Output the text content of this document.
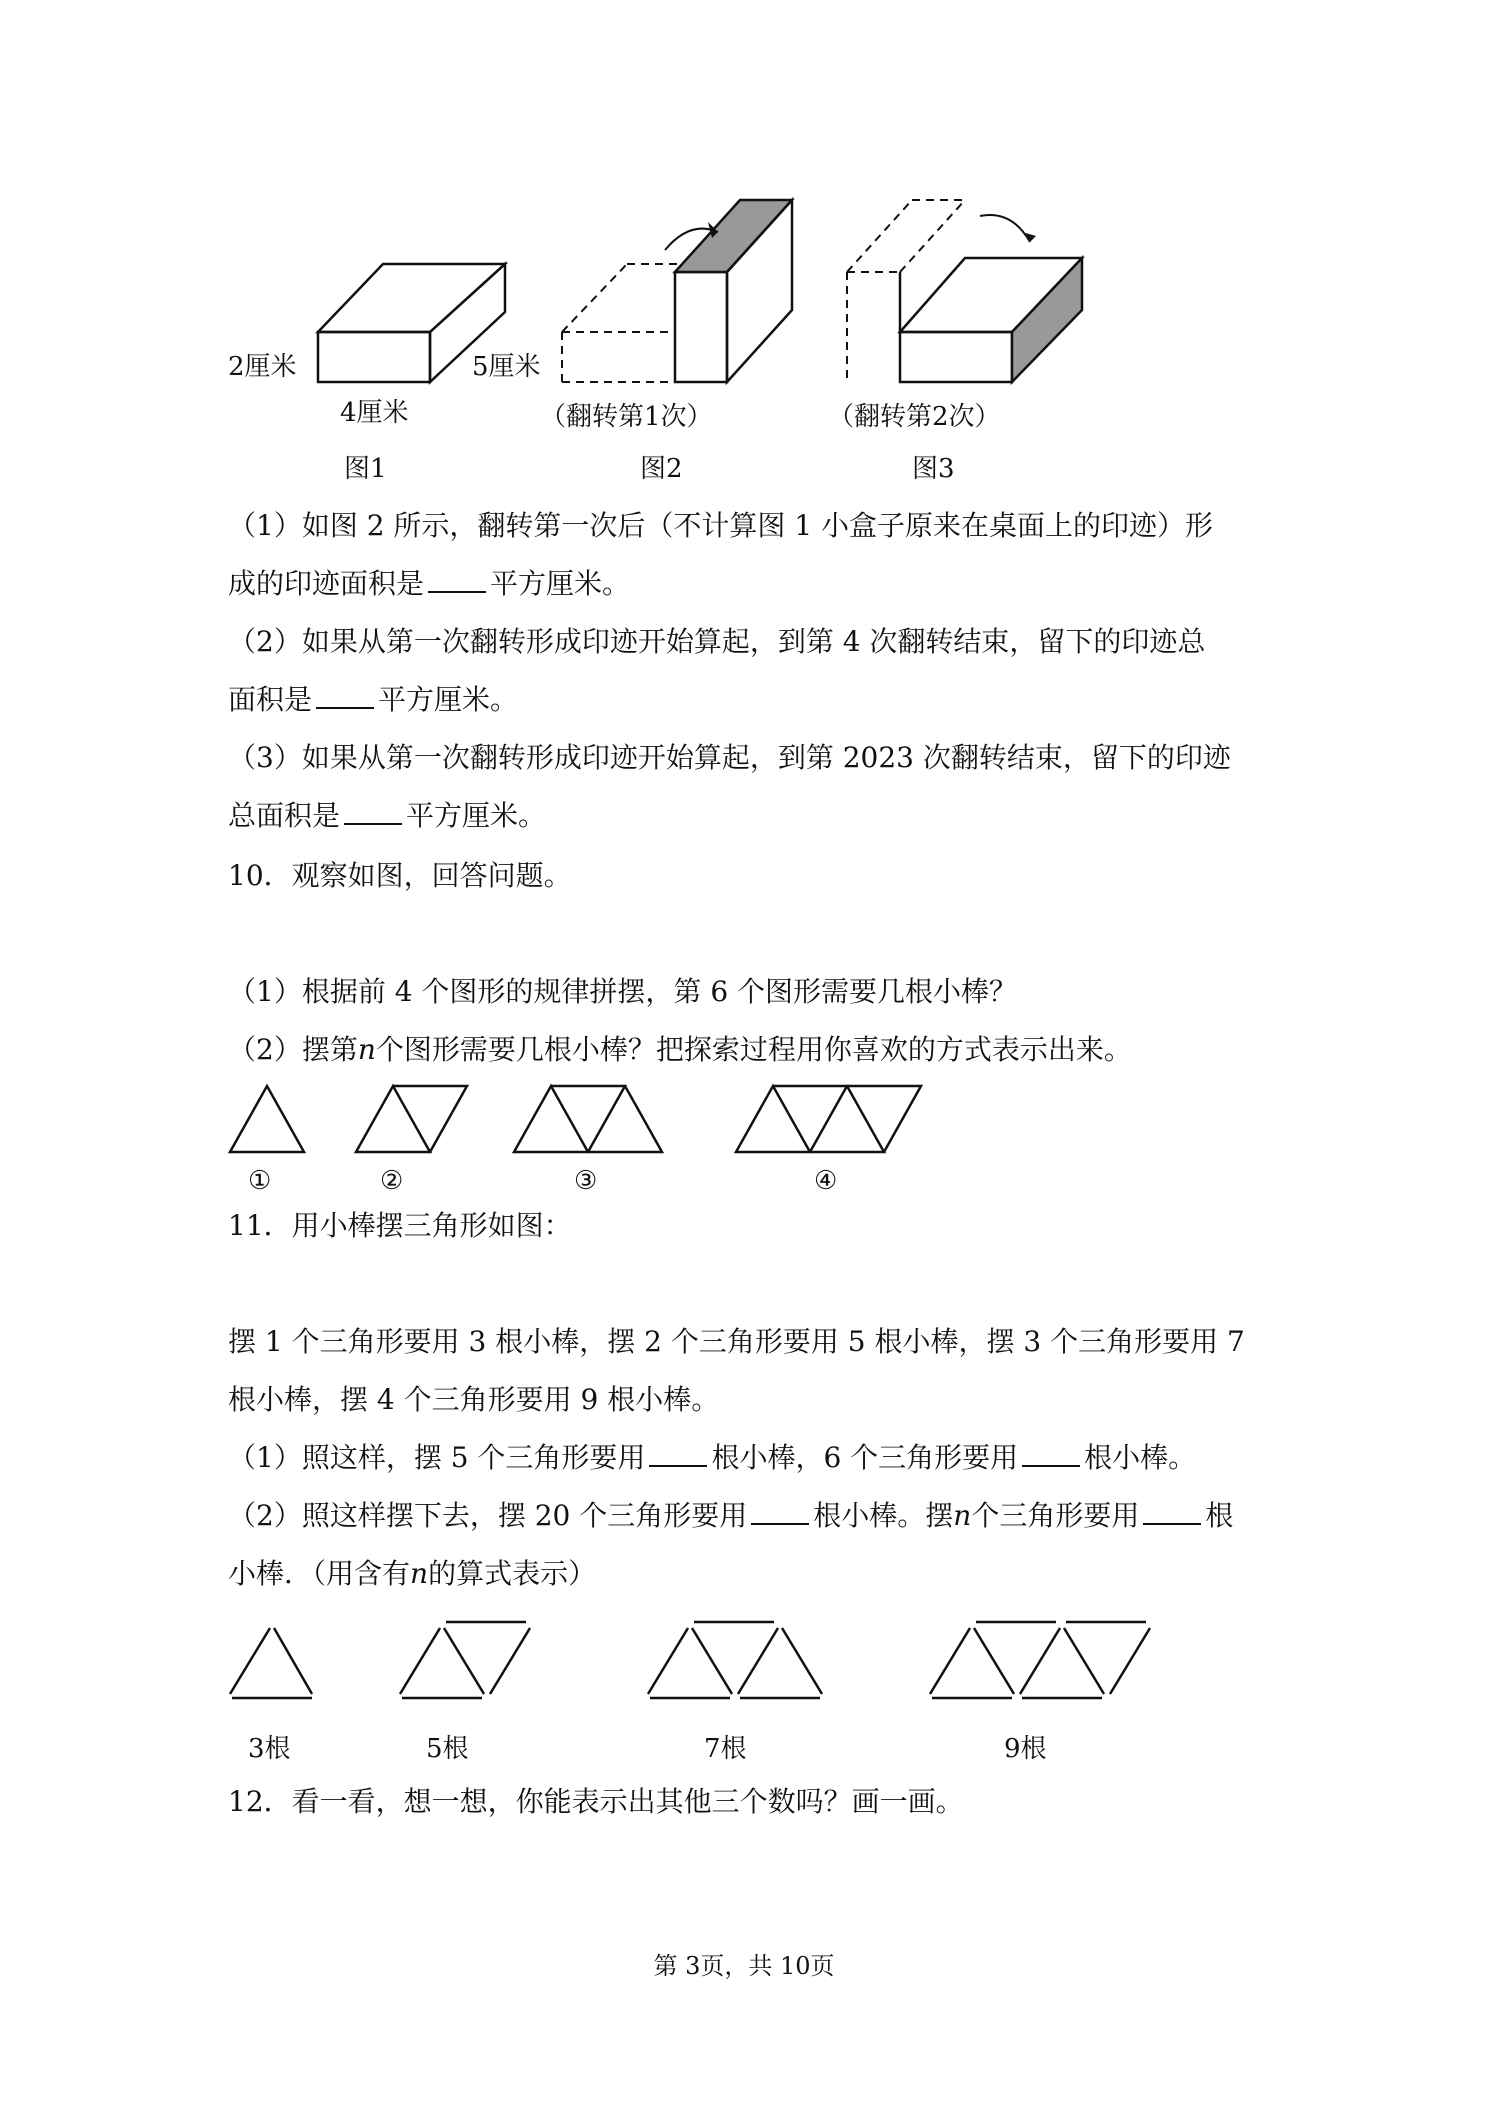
2厘米
4厘米
5厘米
图1
（翻转第1次）
图2
（翻转第2次）
图3
（1）如图 2 所示，翻转第一次后（不计算图 1 小盒子原来在桌面上的印迹）形
成的印迹面积是 平方厘米。
（2）如果从第一次翻转形成印迹开始算起，到第 4 次翻转结束，留下的印迹总
面积是 平方厘米。
（3）如果从第一次翻转形成印迹开始算起，到第 2023 次翻转结束，留下的印迹
总面积是 平方厘米。
10．观察如图，回答问题。
（1）根据前 4 个图形的规律拼摆，第 6 个图形需要几根小棒？
（2）摆第n个图形需要几根小棒？把探索过程用你喜欢的方式表示出来。
①	②	③	④
11．用小棒摆三角形如图：
摆 1 个三角形要用 3 根小棒，摆 2 个三角形要用 5 根小棒，摆 3 个三角形要用 7
根小棒，摆 4 个三角形要用 9 根小棒。
（1）照这样，摆 5 个三角形要用 根小棒，6 个三角形要用 根小棒。
（2）照这样摆下去，摆 20 个三角形要用 根小棒。摆n个三角形要用 根
小棒．（用含有n的算式表示）
3根	5根	7根	9根
12．看一看，想一想，你能表示出其他三个数吗？画一画。
第 3页，共 10页
